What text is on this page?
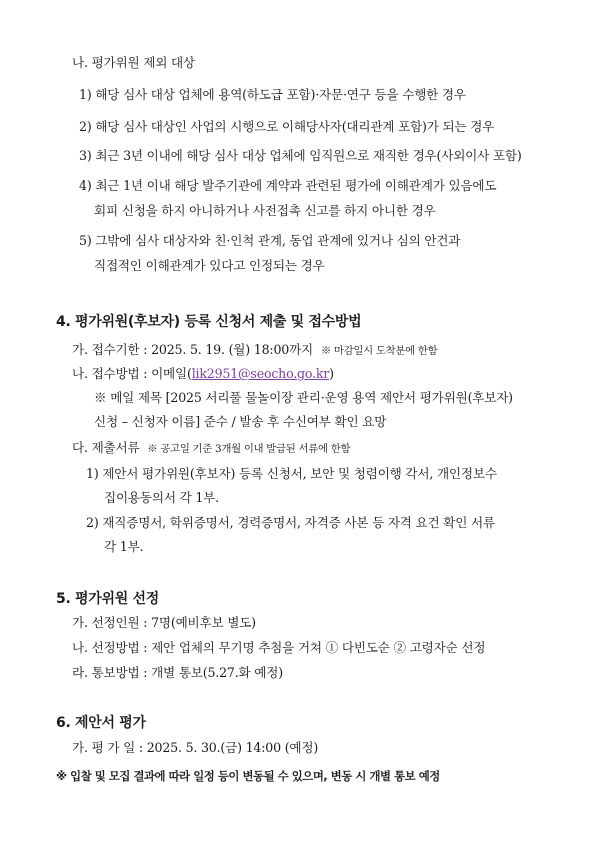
나. 평가위원 제외 대상
1) 해당 심사 대상 업체에 용역(하도급 포함)·자문·연구 등을 수행한 경우
2) 해당 심사 대상인 사업의 시행으로 이해당사자(대리관계 포함)가 되는 경우
3) 최근 3년 이내에 해당 심사 대상 업체에 임직원으로 재직한 경우(사외이사 포함)
4) 최근 1년 이내 해당 발주기관에 계약과 관련된 평가에 이해관계가 있음에도
회피 신청을 하지 아니하거나 사전접촉 신고를 하지 아니한 경우
5) 그밖에 심사 대상자와 친·인척 관계, 동업 관계에 있거나 심의 안건과
직접적인 이해관계가 있다고 인정되는 경우
4. 평가위원(후보자) 등록 신청서 제출 및 접수방법
가. 접수기한 : 2025. 5. 19. (월) 18:00까지 ※ 마감일시 도착분에 한함
나. 접수방법 : 이메일(lik2951@seocho.go.kr)
※ 메일 제목 [2025 서리풀 물놀이장 관리·운영 용역 제안서 평가위원(후보자)
신청 – 신청자 이름] 준수 / 발송 후 수신여부 확인 요망
다. 제출서류 ※ 공고일 기준 3개월 이내 발급된 서류에 한함
1) 제안서 평가위원(후보자) 등록 신청서, 보안 및 청렴이행 각서, 개인정보수
집이용동의서 각 1부.
2) 재직증명서, 학위증명서, 경력증명서, 자격증 사본 등 자격 요건 확인 서류
각 1부.
5. 평가위원 선정
가. 선정인원 : 7명(예비후보 별도)
나. 선정방법 : 제안 업체의 무기명 추첨을 거쳐 ① 다빈도순 ② 고령자순 선정
라. 통보방법 : 개별 통보(5.27.화 예정)
6. 제안서 평가
가. 평 가 일 : 2025. 5. 30.(금) 14:00 (예정)
※ 입찰 및 모집 결과에 따라 일정 등이 변동될 수 있으며, 변동 시 개별 통보 예정
